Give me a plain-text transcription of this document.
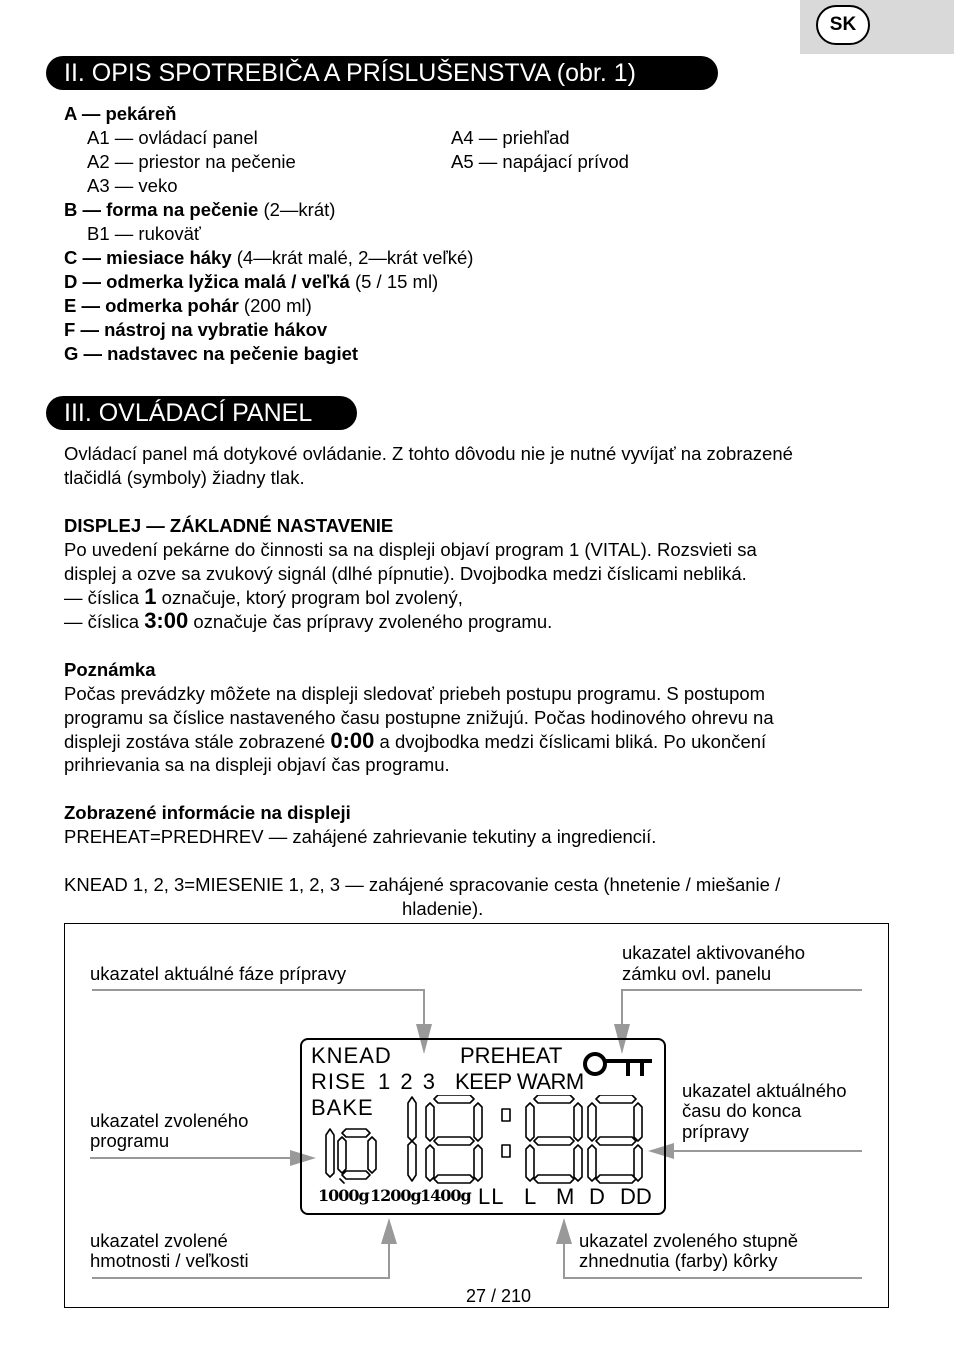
SK
II. OPIS SPOTREBIČA A PRÍSLUŠENSTVA (obr. 1)
A — pekáreň
A1 — ovládací panel	A4 — priehľad
A2 — priestor na pečenie	A5 — napájací prívod
A3 — veko
B — forma na pečenie (2—krát)
B1 — rukoväť
C — miesiace háky (4—krát malé, 2—krát veľké)
D — odmerka lyžica malá / veľká (5 / 15 ml)
E — odmerka pohár (200 ml)
F — nástroj na vybratie hákov
G — nadstavec na pečenie bagiet
III. OVLÁDACÍ PANEL
Ovládací panel má dotykové ovládanie. Z tohto dôvodu nie je nutné vyvíjať na zobrazené
tlačidlá (symboly) žiadny tlak.
DISPLEJ — ZÁKLADNÉ NASTAVENIE
Po uvedení pekárne do činnosti sa na displeji objaví program 1 (VITAL). Rozsvieti sa
displej a ozve sa zvukový signál (dlhé pípnutie). Dvojbodka medzi číslicami nebliká.
— číslica 1 označuje, ktorý program bol zvolený,
— číslica 3:00 označuje čas prípravy zvoleného programu.
Poznámka
Počas prevádzky môžete na displeji sledovať priebeh postupu programu. S postupom
programu sa číslice nastaveného času postupne znižujú. Počas hodinového ohrevu na
displeji zostáva stále zobrazené 0:00 a dvojbodka medzi číslicami bliká. Po ukončení
prihrievania sa na displeji objaví čas programu.
Zobrazené informácie na displeji
PREHEAT=PREDHREV — zahájené zahrievanie tekutiny a ingrediencií.
KNEAD 1, 2, 3=MIESENIE 1, 2, 3 — zahájené spracovanie cesta (hnetenie / miešanie /
hladenie).
ukazatel aktuálné fáze prípravy
ukazatel aktivovaného
zámku ovl. panelu
ukazatel zvoleného
programu
ukazatel aktuálného
času do konca
prípravy
ukazatel zvolené
hmotnosti / veľkosti
ukazatel zvoleného stupně
zhnednutia (farby) kôrky
KNEAD
RISE 1 2 3
BAKE
PREHEAT
KEEP WARM
1000g 1200g 1400g LL L M D DD
27 / 210
